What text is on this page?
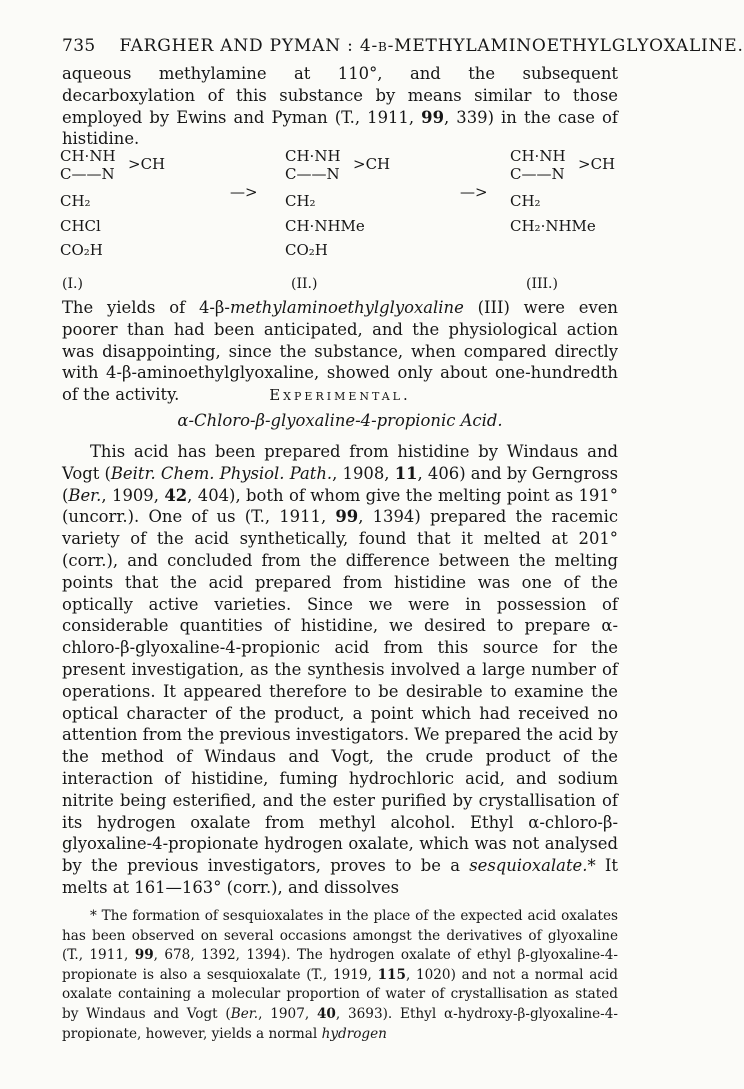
735 FARGHER AND PYMAN : 4-β-METHYLAMINOETHYLGLYOXALINE.
aqueous methylamine at 110°, and the subsequent decarboxylation of this substance by means similar to those employed by Ewins and Pyman (T., 1911, 99, 339) in the case of histidine.
CH·NH >CH
C——N
CH₂
CHCl
CO₂H
(I.)
—>
CH·NH >CH
C——N
CH₂
CH·NHMe
CO₂H
(II.)
—>
CH·NH >CH
C——N
CH₂
CH₂·NHMe
(III.)
The yields of 4-β-methylaminoethylglyoxaline (III) were even poorer than had been anticipated, and the physiological action was disappointing, since the substance, when compared directly with 4-β-aminoethylglyoxaline, showed only about one-hundredth of the activity.	Experimental.
α-Chloro-β-glyoxaline-4-propionic Acid.
This acid has been prepared from histidine by Windaus and Vogt (Beitr. Chem. Physiol. Path., 1908, 11, 406) and by Gerngross (Ber., 1909, 42, 404), both of whom give the melting point as 191° (uncorr.). One of us (T., 1911, 99, 1394) prepared the racemic variety of the acid synthetically, found that it melted at 201° (corr.), and concluded from the difference between the melting points that the acid prepared from histidine was one of the optically active varieties. Since we were in possession of considerable quantities of histidine, we desired to prepare α-chloro-β-glyoxaline-4-propionic acid from this source for the present investigation, as the synthesis involved a large number of operations. It appeared therefore to be desirable to examine the optical character of the product, a point which had received no attention from the previous investigators. We prepared the acid by the method of Windaus and Vogt, the crude product of the interaction of histidine, fuming hydrochloric acid, and sodium nitrite being esterified, and the ester purified by crystallisation of its hydrogen oxalate from methyl alcohol. Ethyl α-chloro-β-glyoxaline-4-propionate hydrogen oxalate, which was not analysed by the previous investigators, proves to be a sesquioxalate.* It melts at 161—163° (corr.), and dissolves
* The formation of sesquioxalates in the place of the expected acid oxalates has been observed on several occasions amongst the derivatives of glyoxaline (T., 1911, 99, 678, 1392, 1394). The hydrogen oxalate of ethyl β-glyoxaline-4-propionate is also a sesquioxalate (T., 1919, 115, 1020) and not a normal acid oxalate containing a molecular proportion of water of crystallisation as stated by Windaus and Vogt (Ber., 1907, 40, 3693). Ethyl α-hydroxy-β-glyoxaline-4-propionate, however, yields a normal hydrogen
